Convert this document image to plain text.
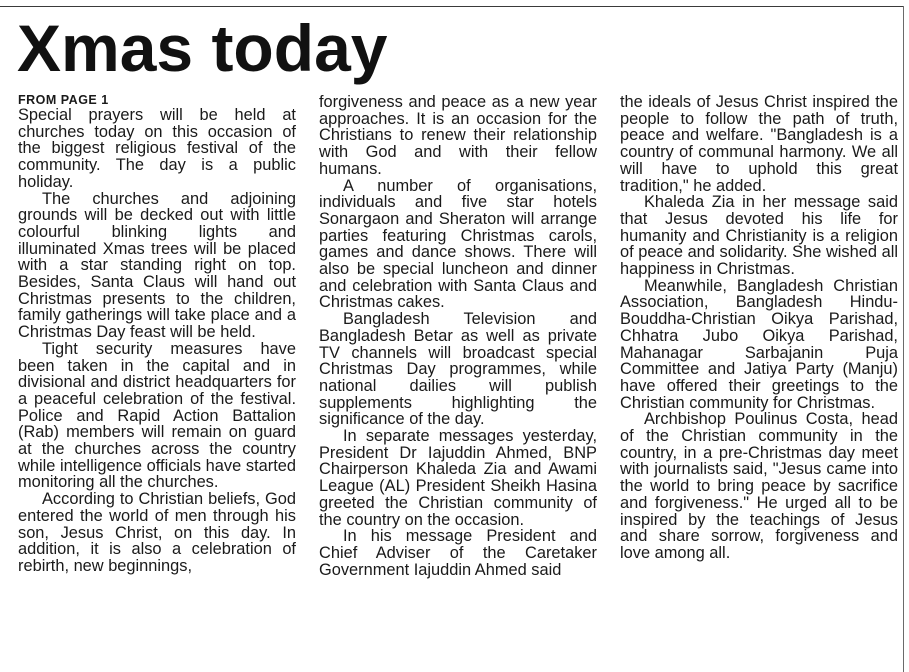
Xmas today
FROM PAGE 1

Special prayers will be held at churches today on this occasion of the biggest religious festival of the community. The day is a public holiday.

The churches and adjoining grounds will be decked out with little colourful blinking lights and illuminated Xmas trees will be placed with a star standing right on top. Besides, Santa Claus will hand out Christmas presents to the children, family gatherings will take place and a Christmas Day feast will be held.

Tight security measures have been taken in the capital and in divisional and district headquarters for a peaceful celebration of the festival. Police and Rapid Action Battalion (Rab) members will remain on guard at the churches across the country while intelligence officials have started monitoring all the churches.

According to Christian beliefs, God entered the world of men through his son, Jesus Christ, on this day. In addition, it is also a celebration of rebirth, new beginnings,

forgiveness and peace as a new year approaches. It is an occasion for the Christians to renew their relationship with God and with their fellow humans.

A number of organisations, individuals and five star hotels Sonargaon and Sheraton will arrange parties featuring Christmas carols, games and dance shows. There will also be special luncheon and dinner and celebration with Santa Claus and Christmas cakes.

Bangladesh Television and Bangladesh Betar as well as private TV channels will broadcast special Christmas Day programmes, while national dailies will publish supplements highlighting the significance of the day.

In separate messages yesterday, President Dr Iajuddin Ahmed, BNP Chairperson Khaleda Zia and Awami League (AL) President Sheikh Hasina greeted the Christian community of the country on the occasion.

In his message President and Chief Adviser of the Caretaker Government Iajuddin Ahmed said

the ideals of Jesus Christ inspired the people to follow the path of truth, peace and welfare. "Bangladesh is a country of communal harmony. We all will have to uphold this great tradition," he added.

Khaleda Zia in her message said that Jesus devoted his life for humanity and Christianity is a religion of peace and solidarity. She wished all happiness in Christmas.

Meanwhile, Bangladesh Christian Association, Bangladesh Hindu-Bouddha-Christian Oikya Parishad, Chhatra Jubo Oikya Parishad, Mahanagar Sarbajanin Puja Committee and Jatiya Party (Manju) have offered their greetings to the Christian community for Christmas.

Archbishop Poulinus Costa, head of the Christian community in the country, in a pre-Christmas day meet with journalists said, "Jesus came into the world to bring peace by sacrifice and forgiveness." He urged all to be inspired by the teachings of Jesus and share sorrow, forgiveness and love among all.
